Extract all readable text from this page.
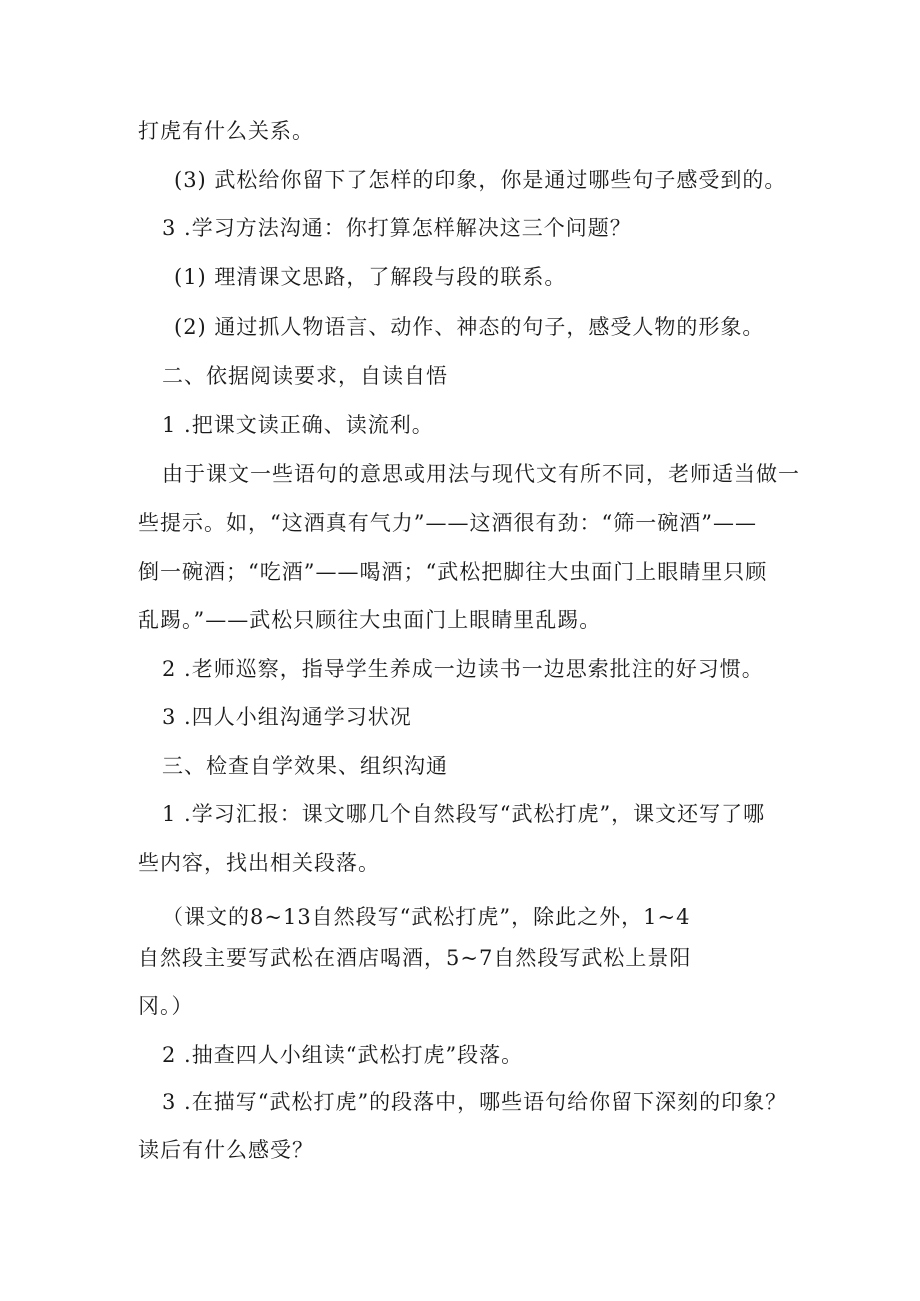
打虎有什么关系。
(3) 武松给你留下了怎样的印象，你是通过哪些句子感受到的。
3 .学习方法沟通：你打算怎样解决这三个问题？
(1) 理清课文思路，了解段与段的联系。
(2) 通过抓人物语言、动作、神态的句子，感受人物的形象。
二、依据阅读要求，自读自悟
1 .把课文读正确、读流利。
由于课文一些语句的意思或用法与现代文有所不同，老师适当做一
些提示。如，“这酒真有气力”——这酒很有劲：“筛一碗酒”——
倒一碗酒；“吃酒”——喝酒；“武松把脚往大虫面门上眼睛里只顾
乱踢。”——武松只顾往大虫面门上眼睛里乱踢。
2 .老师巡察，指导学生养成一边读书一边思索批注的好习惯。
3 .四人小组沟通学习状况
三、检查自学效果、组织沟通
1 .学习汇报：课文哪几个自然段写“武松打虎”，课文还写了哪
些内容，找出相关段落。
（课文的8~13自然段写“武松打虎”，除此之外，1~4
自然段主要写武松在酒店喝酒，5~7自然段写武松上景阳
冈。）
2 .抽查四人小组读“武松打虎”段落。
3 .在描写“武松打虎”的段落中，哪些语句给你留下深刻的印象？
读后有什么感受？
